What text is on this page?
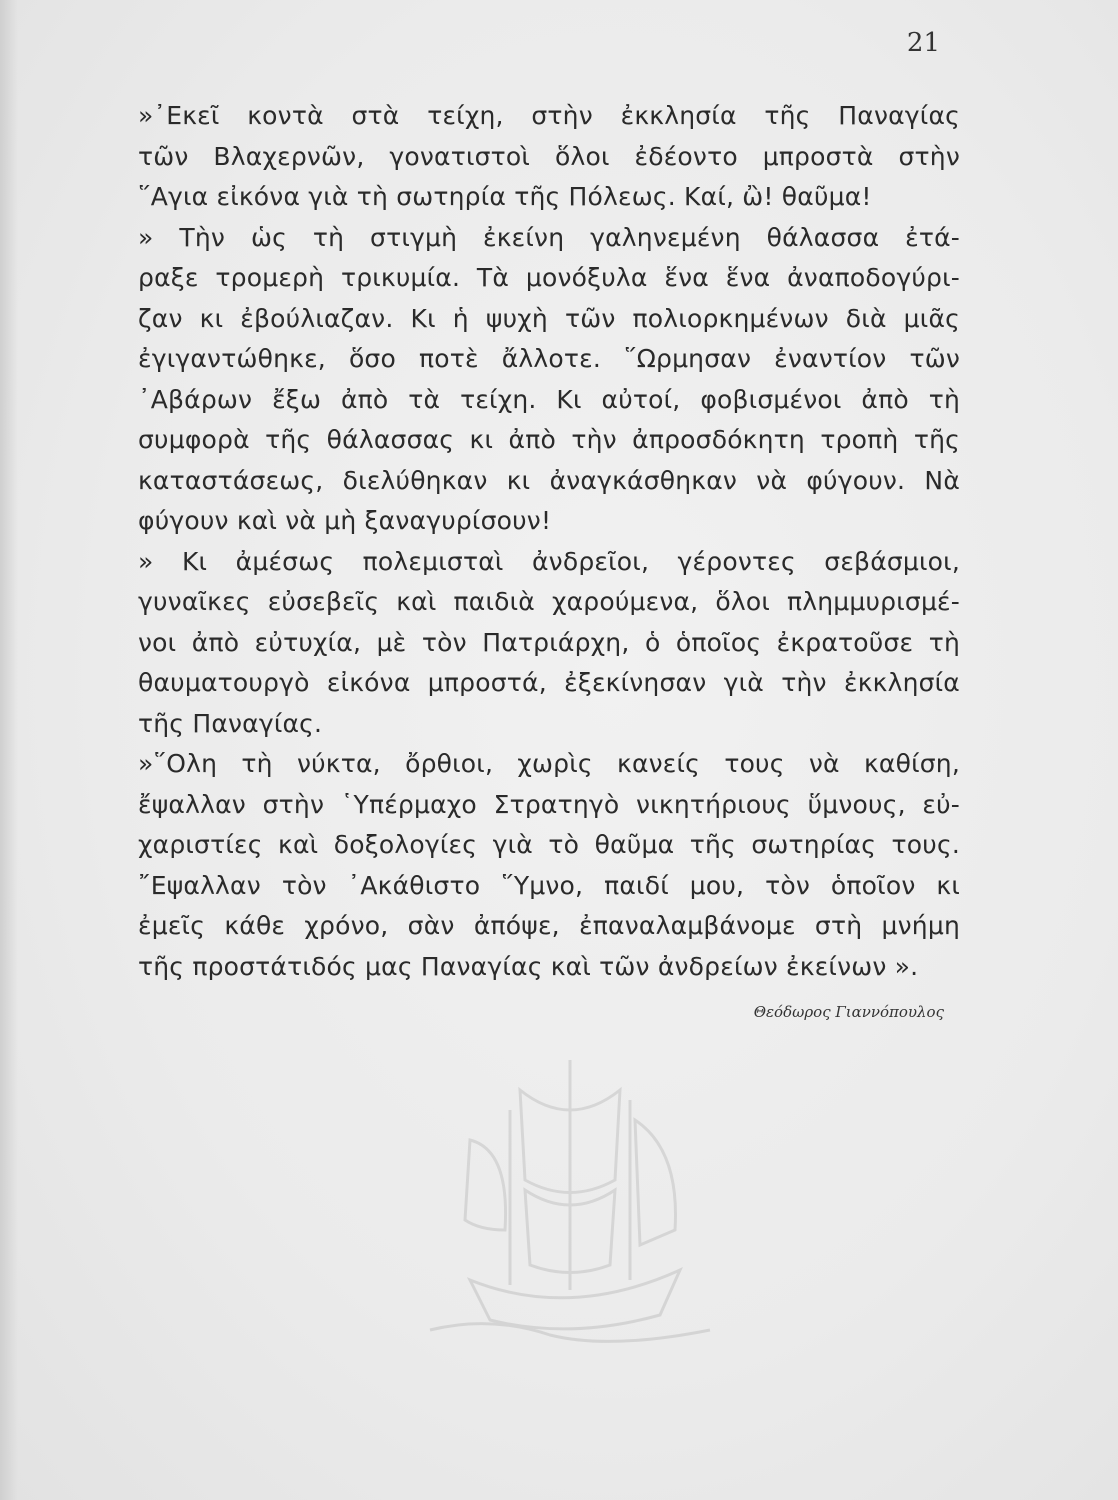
21
»᾿Εκεῖ κοντὰ στὰ τείχη, στὴν ἐκκλησία τῆς Παναγίας
τῶν Βλαχερνῶν, γονατιστοὶ ὅλοι ἐδέοντο μπροστὰ στὴν
῞Αγια εἰκόνα γιὰ τὴ σωτηρία τῆς Πόλεως. Καί, ὢ! θαῦμα!
» Τὴν ὡς τὴ στιγμὴ ἐκείνη γαληνεμένη θάλασσα ἐτά-
ραξε τρομερὴ τρικυμία. Τὰ μονόξυλα ἕνα ἕνα ἀναποδογύρι-
ζαν κι ἐβούλιαζαν. Κι ἡ ψυχὴ τῶν πολιορκημένων διὰ μιᾶς
ἐγιγαντώθηκε, ὅσο ποτὲ ἄλλοτε. ῞Ωρμησαν ἐναντίον τῶν
᾿Αβάρων ἔξω ἀπὸ τὰ τείχη. Κι αὐτοί, φοβισμένοι ἀπὸ τὴ
συμφορὰ τῆς θάλασσας κι ἀπὸ τὴν ἀπροσδόκητη τροπὴ τῆς
καταστάσεως, διελύθηκαν κι ἀναγκάσθηκαν νὰ φύγουν. Νὰ
φύγουν καὶ νὰ μὴ ξαναγυρίσουν!
» Κι ἀμέσως πολεμισταὶ ἀνδρεῖοι, γέροντες σεβάσμιοι,
γυναῖκες εὐσεβεῖς καὶ παιδιὰ χαρούμενα, ὅλοι πλημμυρισμέ-
νοι ἀπὸ εὐτυχία, μὲ τὸν Πατριάρχη, ὁ ὁποῖος ἐκρατοῦσε τὴ
θαυματουργὸ εἰκόνα μπροστά, ἐξεκίνησαν γιὰ τὴν ἐκκλησία
τῆς Παναγίας.
»῞Ολη τὴ νύκτα, ὄρθιοι, χωρὶς κανείς τους νὰ καθίση,
ἔψαλλαν στὴν ῾Υπέρμαχο Στρατηγὸ νικητήριους ὕμνους, εὐ-
χαριστίες καὶ δοξολογίες γιὰ τὸ θαῦμα τῆς σωτηρίας τους.
῎Εψαλλαν τὸν ᾿Ακάθιστο ῞Υμνο, παιδί μου, τὸν ὁποῖον κι
ἐμεῖς κάθε χρόνο, σὰν ἀπόψε, ἐπαναλαμβάνομε στὴ μνήμη
τῆς προστάτιδός μας Παναγίας καὶ τῶν ἀνδρείων ἐκείνων ».
Θεόδωρος Γιαννόπουλος
